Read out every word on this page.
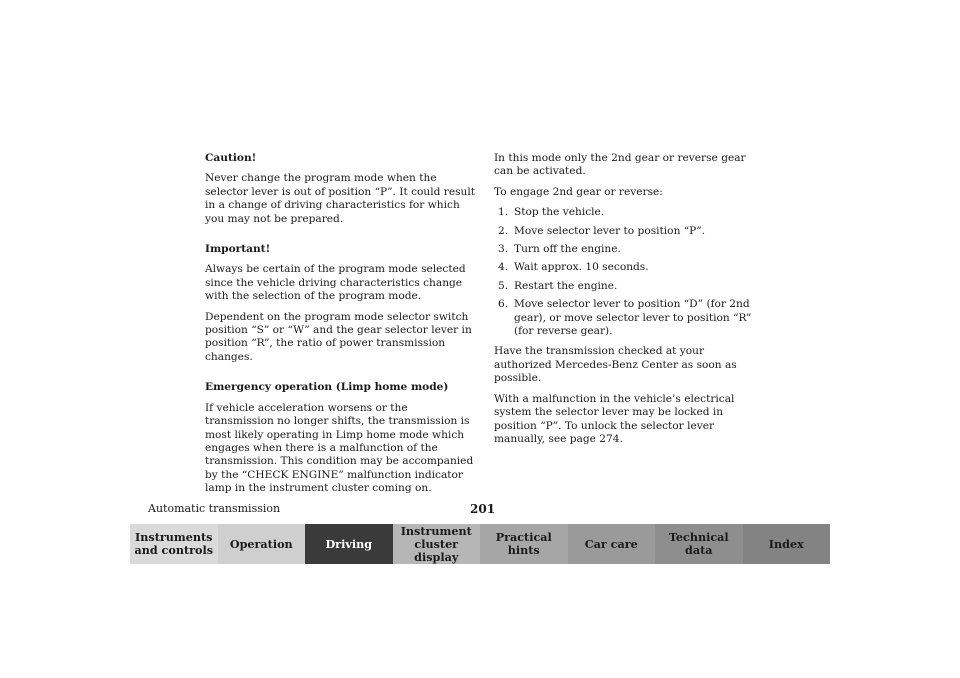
Caution!

Never change the program mode when the selector lever is out of position “P”. It could result in a change of driving characteristics for which you may not be prepared.

Important!

Always be certain of the program mode selected since the vehicle driving characteristics change with the selection of the program mode.

Dependent on the program mode selector switch position “S” or “W” and the gear selector lever in position “R”, the ratio of power transmission changes.

Emergency operation (Limp home mode)

If vehicle acceleration worsens or the transmission no longer shifts, the transmission is most likely operating in Limp home mode which engages when there is a malfunction of the transmission. This condition may be accompanied by the “CHECK ENGINE” malfunction indicator lamp in the instrument cluster coming on.

In this mode only the 2nd gear or reverse gear can be activated.

To engage 2nd gear or reverse:

1. Stop the vehicle.
2. Move selector lever to position “P”.
3. Turn off the engine.
4. Wait approx. 10 seconds.
5. Restart the engine.
6. Move selector lever to position “D” (for 2nd gear), or move selector lever to position “R” (for reverse gear).

Have the transmission checked at your authorized Mercedes-Benz Center as soon as possible.

With a malfunction in the vehicle’s electrical system the selector lever may be locked in position “P”. To unlock the selector lever manually, see page 274.

Automatic transmission	201
Instruments
and controls Operation	Driving
Instrument
cluster display
Practical hints	Car care	Technical
data	Index
